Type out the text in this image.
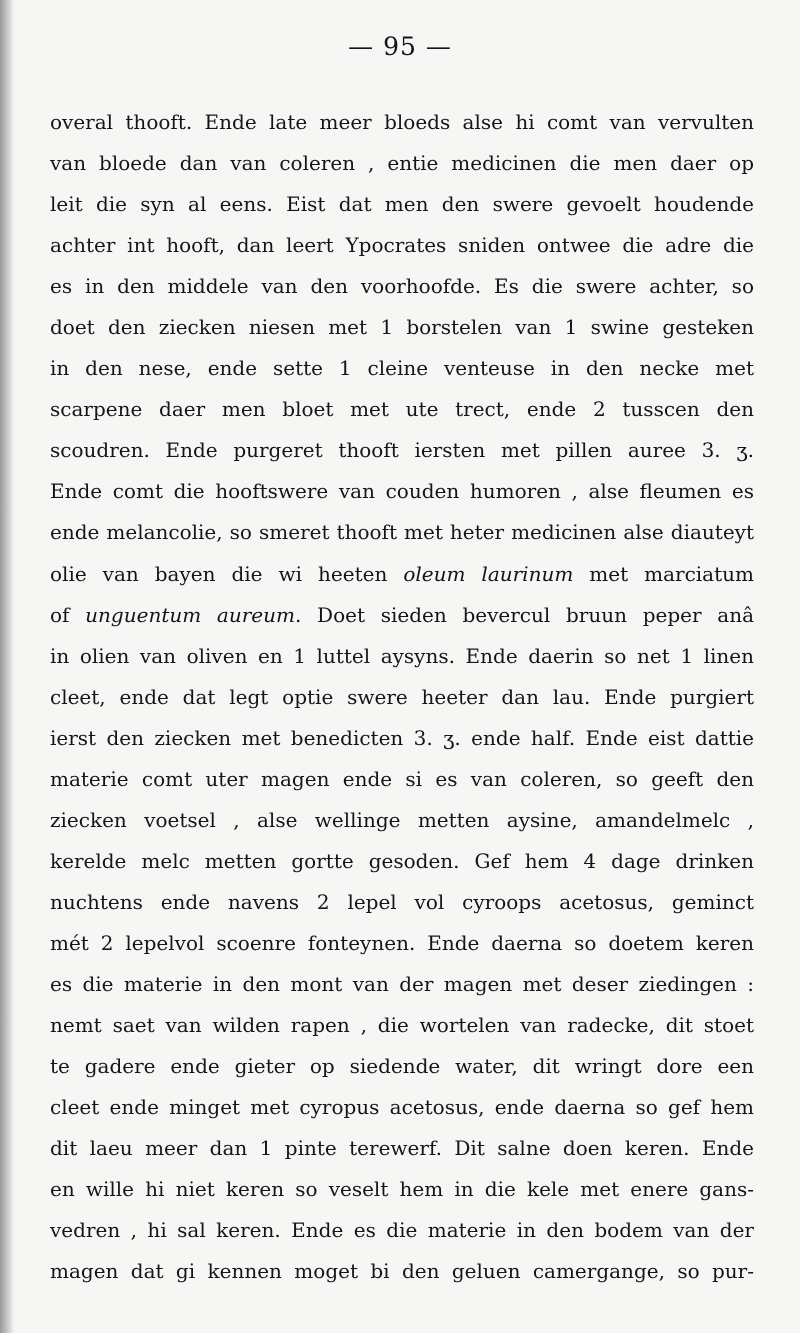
— 95 —
overal thooft. Ende late meer bloeds alse hi comt van vervulten
van bloede dan van coleren , entie medicinen die men daer op
leit die syn al eens. Eist dat men den swere gevoelt houdende
achter int hooft, dan leert Ypocrates sniden ontwee die adre die
es in den middele van den voorhoofde. Es die swere achter, so
doet den ziecken niesen met 1 borstelen van 1 swine gesteken
in den nese, ende sette 1 cleine venteuse in den necke met
scarpene daer men bloet met ute trect, ende 2 tusscen den
scoudren. Ende purgeret thooft iersten met pillen auree 3. ʒ.
Ende comt die hooftswere van couden humoren , alse fleumen es
ende melancolie, so smeret thooft met heter medicinen alse diauteyt
olie van bayen die wi heeten oleum laurinum met marciatum
of unguentum aureum. Doet sieden bevercul bruun peper anâ
in olien van oliven en 1 luttel aysyns. Ende daerin so net 1 linen
cleet, ende dat legt optie swere heeter dan lau. Ende purgiert
ierst den ziecken met benedicten 3. ʒ. ende half. Ende eist dattie
materie comt uter magen ende si es van coleren, so geeft den
ziecken voetsel , alse wellinge metten aysine, amandelmelc ,
kerelde melc metten gortte gesoden. Gef hem 4 dage drinken
nuchtens ende navens 2 lepel vol cyroops acetosus, geminct
mét 2 lepelvol scoenre fonteynen. Ende daerna so doetem keren
es die materie in den mont van der magen met deser ziedingen :
nemt saet van wilden rapen , die wortelen van radecke, dit stoet
te gadere ende gieter op siedende water, dit wringt dore een
cleet ende minget met cyropus acetosus, ende daerna so gef hem
dit laeu meer dan 1 pinte terewerf. Dit salne doen keren. Ende
en wille hi niet keren so veselt hem in die kele met enere gans-
vedren , hi sal keren. Ende es die materie in den bodem van der
magen dat gi kennen moget bi den geluen camergange, so pur-
